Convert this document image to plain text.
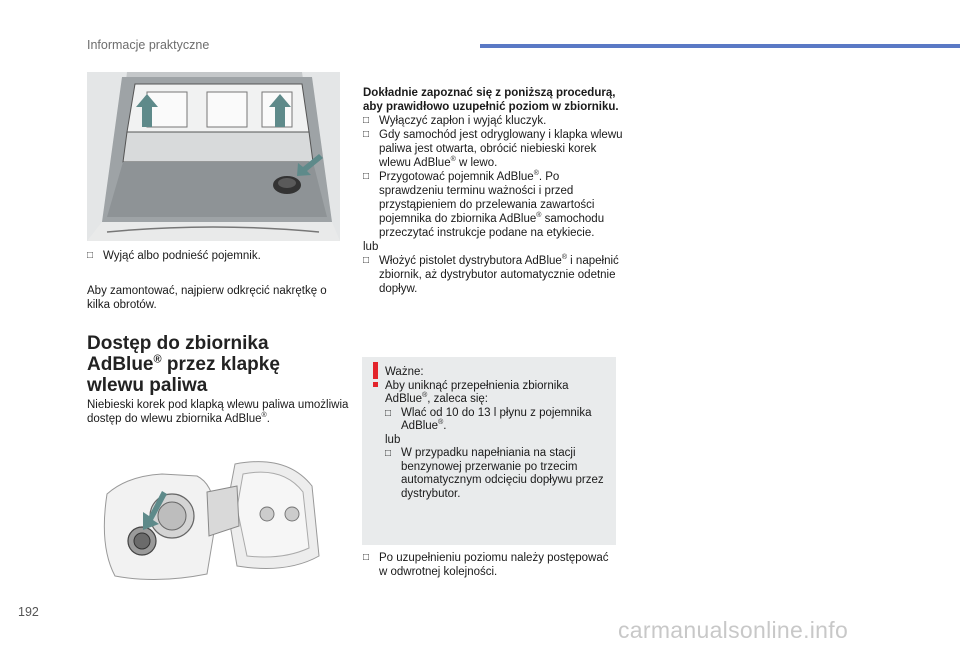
Informacje praktyczne
□ Wyjąć albo podnieść pojemnik.
Aby zamontować, najpierw odkręcić nakrętkę o kilka obrotów.
Dostęp do zbiornika
AdBlue® przez klapkę
wlewu paliwa
Niebieski korek pod klapką wlewu paliwa umożliwia dostęp do wlewu zbiornika AdBlue®.
Dokładnie zapoznać się z poniższą procedurą, aby prawidłowo uzupełnić poziom w zbiorniku.
□ Wyłączyć zapłon i wyjąć kluczyk.
□ Gdy samochód jest odryglowany i klapka wlewu paliwa jest otwarta, obrócić niebieski korek wlewu AdBlue® w lewo.
□ Przygotować pojemnik AdBlue®. Po sprawdzeniu terminu ważności i przed przystąpieniem do przelewania zawartości pojemnika do zbiornika AdBlue® samochodu przeczytać instrukcje podane na etykiecie.
lub
□ Włożyć pistolet dystrybutora AdBlue® i napełnić zbiornik, aż dystrybutor automatycznie odetnie dopływ.
Ważne:
Aby uniknąć przepełnienia zbiornika AdBlue®, zaleca się:
□ Wlać od 10 do 13 l płynu z pojemnika AdBlue®.
lub
□ W przypadku napełniania na stacji benzynowej przerwanie po trzecim automatycznym odcięciu dopływu przez dystrybutor.
□ Po uzupełnieniu poziomu należy postępować w odwrotnej kolejności.
192
carmanualsonline.info
